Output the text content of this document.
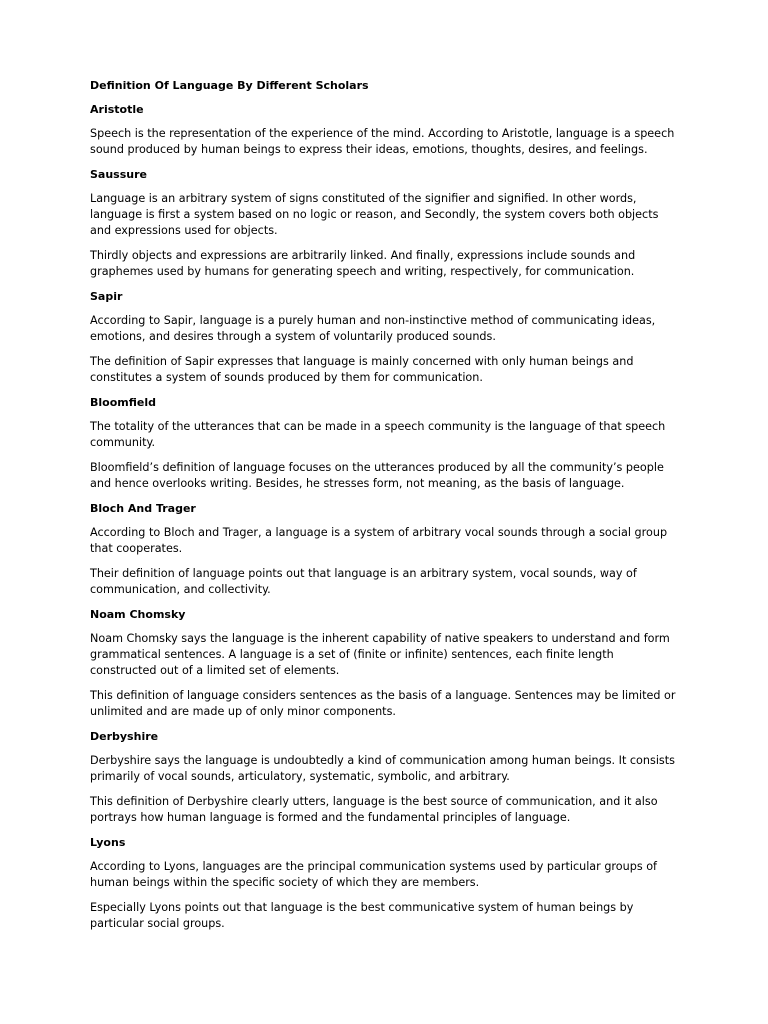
Definition Of Language By Different Scholars
Aristotle

Speech is the representation of the experience of the mind. According to Aristotle, language is a speech sound produced by human beings to express their ideas, emotions, thoughts, desires, and feelings.

Saussure

Language is an arbitrary system of signs constituted of the signifier and signified. In other words, language is first a system based on no logic or reason, and Secondly, the system covers both objects and expressions used for objects.

Thirdly objects and expressions are arbitrarily linked. And finally, expressions include sounds and graphemes used by humans for generating speech and writing, respectively, for communication.

Sapir

According to Sapir, language is a purely human and non-instinctive method of communicating ideas, emotions, and desires through a system of voluntarily produced sounds.

The definition of Sapir expresses that language is mainly concerned with only human beings and constitutes a system of sounds produced by them for communication.

Bloomfield

The totality of the utterances that can be made in a speech community is the language of that speech community.

Bloomfield’s definition of language focuses on the utterances produced by all the community’s people and hence overlooks writing. Besides, he stresses form, not meaning, as the basis of language.

Bloch And Trager

According to Bloch and Trager, a language is a system of arbitrary vocal sounds through a social group that cooperates.

Their definition of language points out that language is an arbitrary system, vocal sounds, way of communication, and collectivity.

Noam Chomsky

Noam Chomsky says the language is the inherent capability of native speakers to understand and form grammatical sentences. A language is a set of (finite or infinite) sentences, each finite length constructed out of a limited set of elements.

This definition of language considers sentences as the basis of a language. Sentences may be limited or unlimited and are made up of only minor components.

Derbyshire

Derbyshire says the language is undoubtedly a kind of communication among human beings. It consists primarily of vocal sounds, articulatory, systematic, symbolic, and arbitrary.

This definition of Derbyshire clearly utters, language is the best source of communication, and it also portrays how human language is formed and the fundamental principles of language.

Lyons

According to Lyons, languages are the principal communication systems used by particular groups of human beings within the specific society of which they are members.

Especially Lyons points out that language is the best communicative system of human beings by particular social groups.
